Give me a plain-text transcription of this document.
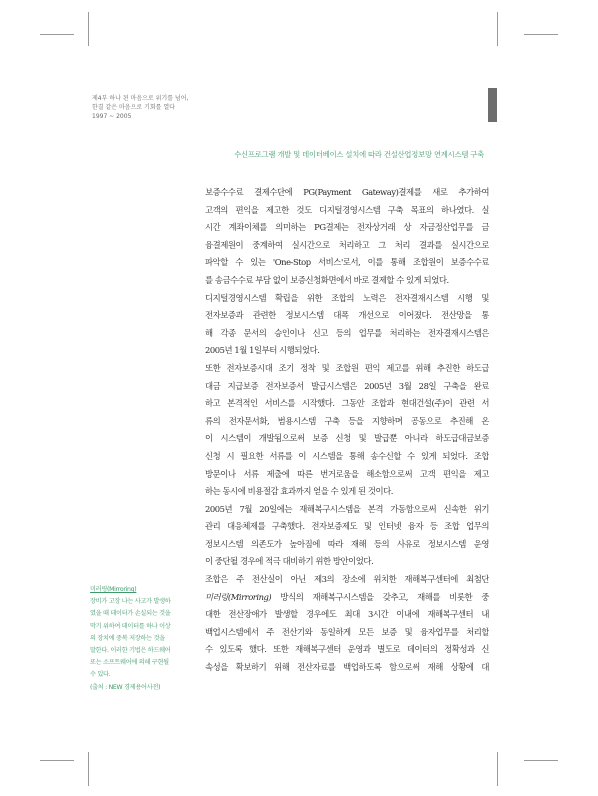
제4부 하나 된 마음으로 위기를 넘어,
한결 같은 마음으로 기회를 열다
1997 ~ 2005
수신프로그램 개발 및 데이터베이스 설치에 따라 건설산업정보망 연계시스템 구축
보증수수료 결제수단에 PG(Payment Gateway)결제를 새로 추가하여
고객의 편익을 제고한 것도 디지털경영시스템 구축 목표의 하나였다. 실
시간 계좌이체를 의미하는 PG결제는 전자상거래 상 자금정산업무를 금
융결제원이 중계하여 실시간으로 처리하고 그 처리 결과를 실시간으로
파악할 수 있는 'One-Stop 서비스'로서, 이를 통해 조합원이 보증수수료
를 송금수수료 부담 없이 보증신청화면에서 바로 결제할 수 있게 되었다.
디지털경영시스템 확립을 위한 조합의 노력은 전자결재시스템 시행 및
전자보증과 관련한 정보시스템 대폭 개선으로 이어졌다. 전산망을 통
해 각종 문서의 승인이나 신고 등의 업무를 처리하는 전자결재시스템은
2005년 1월 1일부터 시행되었다.
또한 전자보증시대 조기 정착 및 조합원 편익 제고를 위해 추진한 하도급
대금 지급보증 전자보증서 발급시스템은 2005년 3월 28일 구축을 완료
하고 본격적인 서비스를 시작했다. 그동안 조합과 현대건설(주)이 관련 서
류의 전자문서화, 범용시스템 구축 등을 지향하며 공동으로 추진해 온
이 시스템이 개발됨으로써 보증 신청 및 발급뿐 아니라 하도급대금보증
신청 시 필요한 서류를 이 시스템을 통해 송수신할 수 있게 되었다. 조합
방문이나 서류 제출에 따른 번거로움을 해소함으로써 고객 편익을 제고
하는 동시에 비용절감 효과까지 얻을 수 있게 된 것이다.
2005년 7월 20일에는 재해복구시스템을 본격 가동함으로써 신속한 위기
관리 대응체제를 구축했다. 전자보증제도 및 인터넷 융자 등 조합 업무의
정보시스템 의존도가 높아짐에 따라 재해 등의 사유로 정보시스템 운영
이 중단될 경우에 적극 대비하기 위한 방안이었다.
조합은 주 전산실이 아닌 제3의 장소에 위치한 재해복구센터에 최첨단
미러링(Mirroring) 방식의 재해복구시스템을 갖추고, 재해를 비롯한 중
대한 전산장애가 발생할 경우에도 최대 3시간 이내에 재해복구센터 내
백업시스템에서 주 전산기와 동일하게 모든 보증 및 융자업무를 처리할
수 있도록 했다. 또한 재해복구센터 운영과 별도로 데이터의 정확성과 신
속성을 확보하기 위해 전산자료를 백업하도록 함으로써 재해 상황에 대
미러링(Mirroring)
장비가 고장 나는 사고가 발생하
였을 때 데이터가 손실되는 것을
막기 위하여 데이터를 하나 이상
의 장치에 중복 저장하는 것을
말한다. 이러한 기법은 하드웨어
또는 소프트웨어에 의해 구현될
수 있다.
(출처 : NEW 경제용어사전)
